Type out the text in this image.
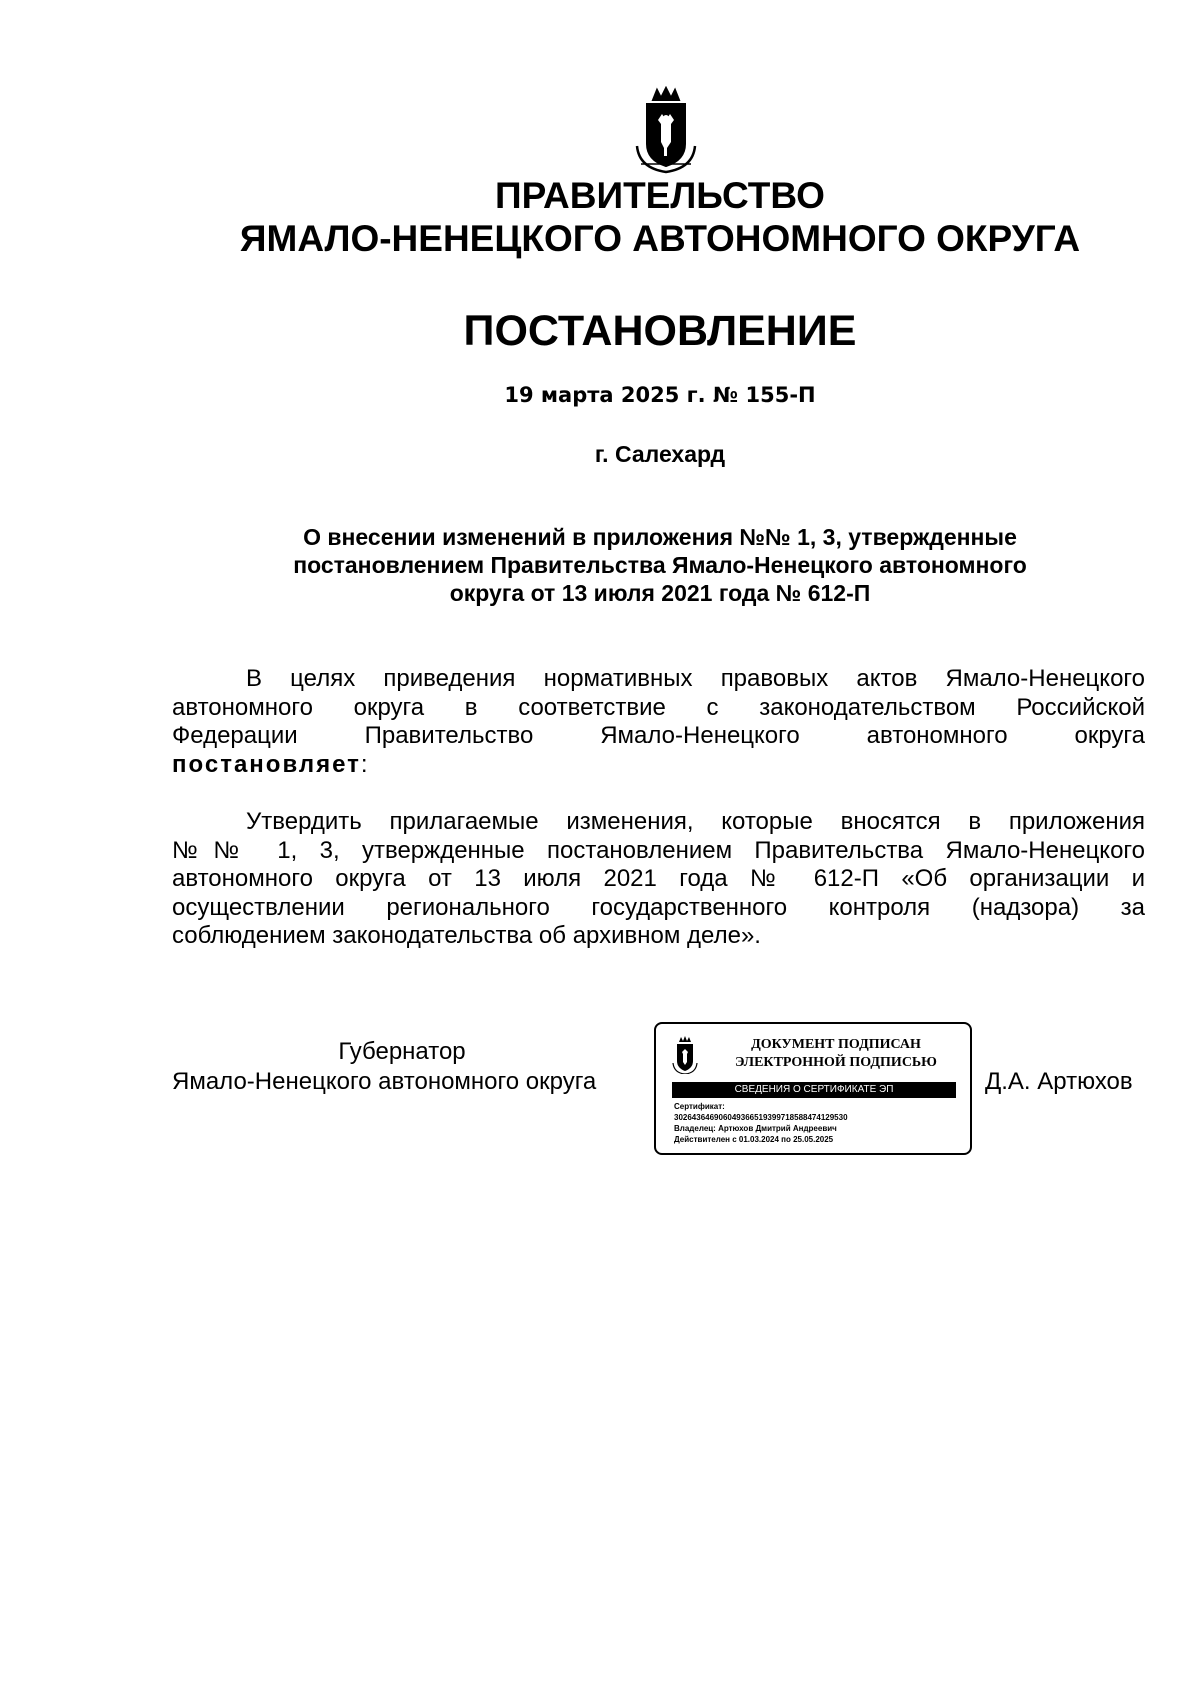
ПРАВИТЕЛЬСТВО
ЯМАЛО-НЕНЕЦКОГО АВТОНОМНОГО ОКРУГА
ПОСТАНОВЛЕНИЕ
19 марта 2025 г. № 155-П
г. Салехард
О внесении изменений в приложения №№ 1, 3, утвержденные
постановлением Правительства Ямало-Ненецкого автономного
округа от 13 июля 2021 года № 612-П
В целях приведения нормативных правовых актов Ямало-Ненецкого
автономного округа в соответствие с законодательством Российской
Федерации Правительство Ямало-Ненецкого автономного округа
постановляет:
Утвердить прилагаемые изменения, которые вносятся в приложения
№№ 1, 3, утвержденные постановлением Правительства Ямало-Ненецкого
автономного округа от 13 июля 2021 года № 612-П «Об организации и
осуществлении регионального государственного контроля (надзора) за
соблюдением законодательства об архивном деле».
Губернатор
Ямало-Ненецкого автономного округа
ДОКУМЕНТ ПОДПИСАН
ЭЛЕКТРОННОЙ ПОДПИСЬЮ
СВЕДЕНИЯ О СЕРТИФИКАТЕ ЭП
Сертификат:
3026436469060493665193997185884741295​30
Владелец: Артюхов Дмитрий Андреевич
Действителен с 01.03.2024 по 25.05.2025
Д.А. Артюхов
